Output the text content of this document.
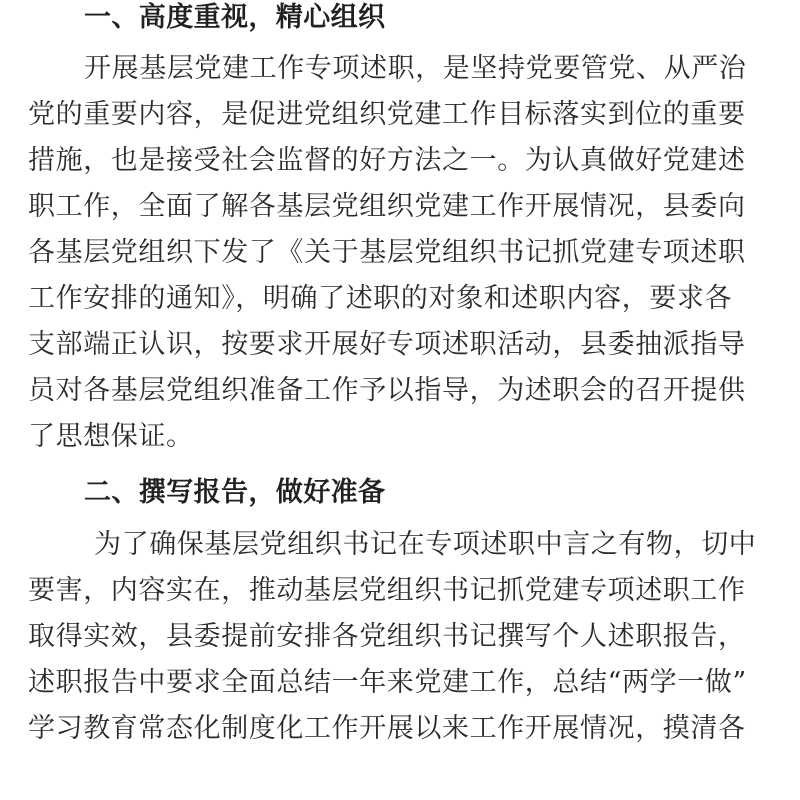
一、高度重视，精心组织
开展基层党建工作专项述职，是坚持党要管党、从严治
党的重要内容，是促进党组织党建工作目标落实到位的重要
措施，也是接受社会监督的好方法之一。为认真做好党建述
职工作，全面了解各基层党组织党建工作开展情况，县委向
各基层党组织下发了《关于基层党组织书记抓党建专项述职
工作安排的通知》，明确了述职的对象和述职内容，要求各
支部端正认识，按要求开展好专项述职活动，县委抽派指导
员对各基层党组织准备工作予以指导，为述职会的召开提供
了思想保证。
二、撰写报告，做好准备
为了确保基层党组织书记在专项述职中言之有物，切中
要害，内容实在，推动基层党组织书记抓党建专项述职工作
取得实效，县委提前安排各党组织书记撰写个人述职报告，
述职报告中要求全面总结一年来党建工作，总结“两学一做”
学习教育常态化制度化工作开展以来工作开展情况，摸清各
